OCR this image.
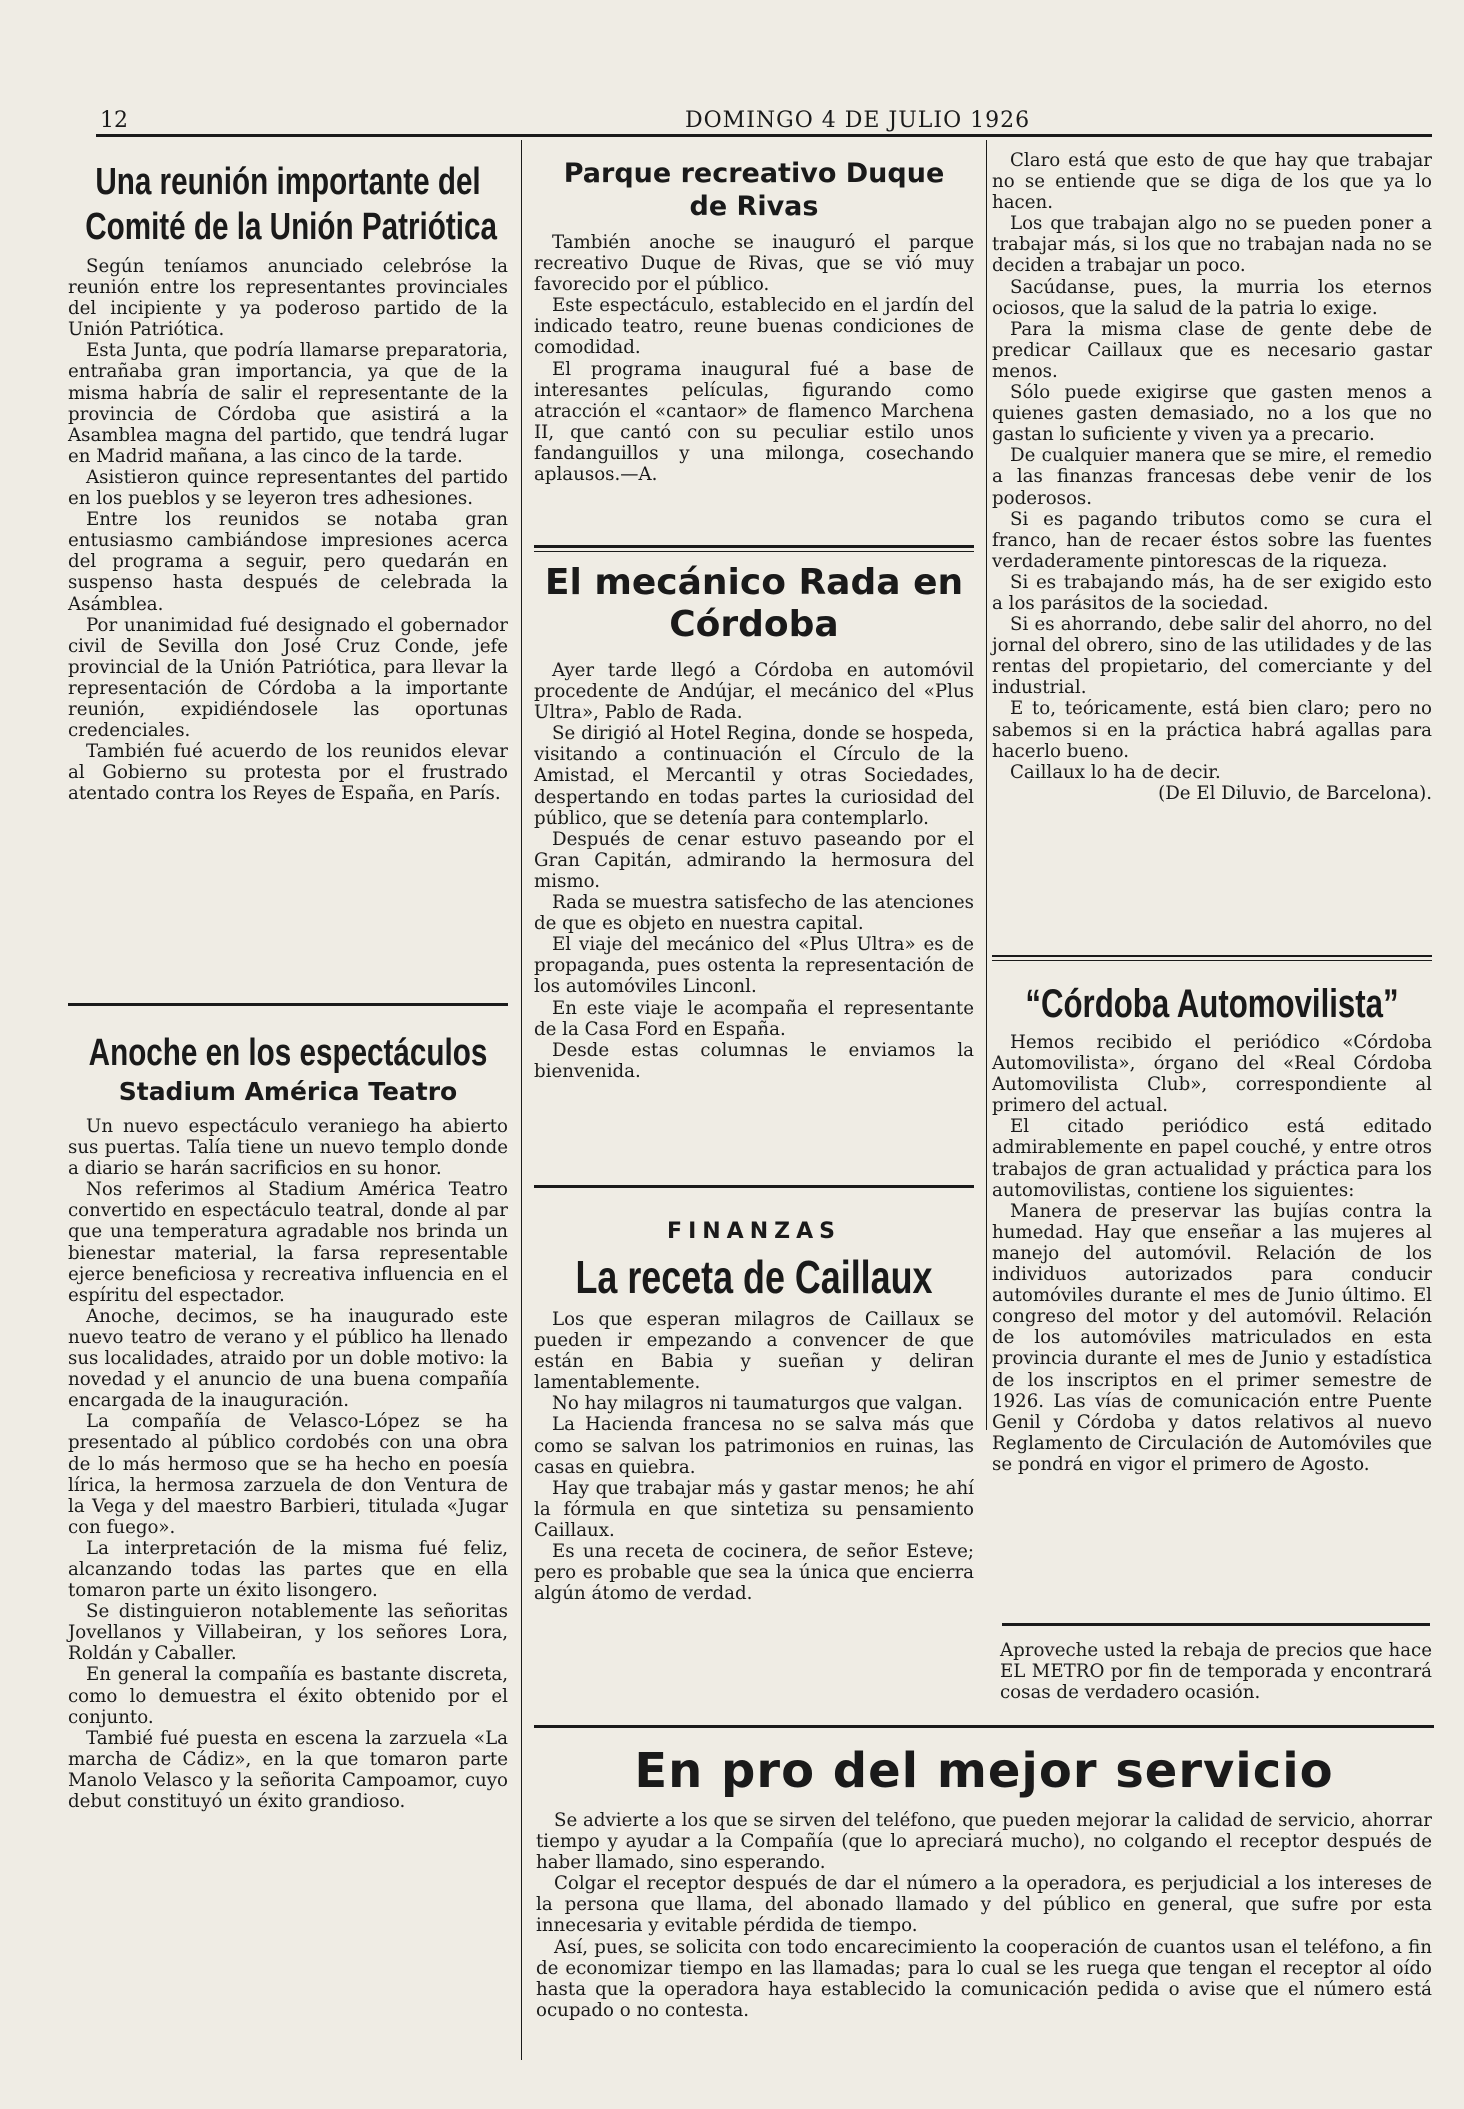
12	DOMINGO 4 DE JULIO 1926
Una reunión importante del
Comité de la Unión Patriótica

Según teníamos anunciado celebróse la reunión entre los representantes provinciales del incipiente y ya poderoso partido de la Unión Patriótica.

Esta Junta, que podría llamarse preparatoria, entrañaba gran importancia, ya que de la misma habría de salir el representante de la provincia de Córdoba que asistirá a la Asamblea magna del partido, que tendrá lugar en Madrid mañana, a las cinco de la tarde.

Asistieron quince representantes del partido en los pueblos y se leyeron tres adhesiones.

Entre los reunidos se notaba gran entusiasmo cambiándose impresiones acerca del programa a seguir, pero quedarán en suspenso hasta después de celebrada la Asámblea.

Por unanimidad fué designado el gobernador civil de Sevilla don José Cruz Conde, jefe provincial de la Unión Patriótica, para llevar la representación de Córdoba a la importante reunión, expidiéndosele las oportunas credenciales.

También fué acuerdo de los reunidos elevar al Gobierno su protesta por el frustrado atentado contra los Reyes de España, en París.

Anoche en los espectáculos
Stadium América Teatro

Un nuevo espectáculo veraniego ha abierto sus puertas. Talía tiene un nuevo templo donde a diario se harán sacrificios en su honor.

Nos referimos al Stadium América Teatro convertido en espectáculo teatral, donde al par que una temperatura agradable nos brinda un bienestar material, la farsa representable ejerce beneficiosa y recreativa influencia en el espíritu del espectador.

Anoche, decimos, se ha inaugurado este nuevo teatro de verano y el público ha llenado sus localidades, atraido por un doble motivo: la novedad y el anuncio de una buena compañía encargada de la inauguración.

La compañía de Velasco-López se ha presentado al público cordobés con una obra de lo más hermoso que se ha hecho en poesía lírica, la hermosa zarzuela de don Ventura de la Vega y del maestro Barbieri, titulada «Jugar con fuego».

La interpretación de la misma fué feliz, alcanzando todas las partes que en ella tomaron parte un éxito lisongero.

Se distinguieron notablemente las señoritas Jovellanos y Villabeiran, y los señores Lora, Roldán y Caballer.

En general la compañía es bastante discreta, como lo demuestra el éxito obtenido por el conjunto.

Tambié fué puesta en escena la zarzuela «La marcha de Cádiz», en la que tomaron parte Manolo Velasco y la señorita Campoamor, cuyo debut constituyó un éxito grandioso.

Parque recreativo Duque
de Rivas

También anoche se inauguró el parque recreativo Duque de Rivas, que se vió muy favorecido por el público.

Este espectáculo, establecido en el jardín del indicado teatro, reune buenas condiciones de comodidad.

El programa inaugural fué a base de interesantes películas, figurando como atracción el «cantaor» de flamenco Marchena II, que cantó con su peculiar estilo unos fandanguillos y una milonga, cosechando aplausos.—A.

El mecánico Rada en
Córdoba

Ayer tarde llegó a Córdoba en automóvil procedente de Andújar, el mecánico del «Plus Ultra», Pablo de Rada.

Se dirigió al Hotel Regina, donde se hospeda, visitando a continuación el Círculo de la Amistad, el Mercantil y otras Sociedades, despertando en todas partes la curiosidad del público, que se detenía para contemplarlo.

Después de cenar estuvo paseando por el Gran Capitán, admirando la hermosura del mismo.

Rada se muestra satisfecho de las atenciones de que es objeto en nuestra capital.

El viaje del mecánico del «Plus Ultra» es de propaganda, pues ostenta la representación de los automóviles Linconl.

En este viaje le acompaña el representante de la Casa Ford en España.

Desde estas columnas le enviamos la bienvenida.

FINANZAS
La receta de Caillaux

Los que esperan milagros de Caillaux se pueden ir empezando a convencer de que están en Babia y sueñan y deliran lamentablemente.

No hay milagros ni taumaturgos que valgan.

La Hacienda francesa no se salva más que como se salvan los patrimonios en ruinas, las casas en quiebra.

Hay que trabajar más y gastar menos; he ahí la fórmula en que sintetiza su pensamiento Caillaux.

Es una receta de cocinera, de señor Esteve; pero es probable que sea la única que encierra algún átomo de verdad.

Claro está que esto de que hay que trabajar no se entiende que se diga de los que ya lo hacen.

Los que trabajan algo no se pueden poner a trabajar más, si los que no trabajan nada no se deciden a trabajar un poco.

Sacúdanse, pues, la murria los eternos ociosos, que la salud de la patria lo exige.

Para la misma clase de gente debe de predicar Caillaux que es necesario gastar menos.

Sólo puede exigirse que gasten menos a quienes gasten demasiado, no a los que no gastan lo suficiente y viven ya a precario.

De cualquier manera que se mire, el remedio a las finanzas francesas debe venir de los poderosos.

Si es pagando tributos como se cura el franco, han de recaer éstos sobre las fuentes verdaderamente pintorescas de la riqueza.

Si es trabajando más, ha de ser exigido esto a los parásitos de la sociedad.

Si es ahorrando, debe salir del ahorro, no del jornal del obrero, sino de las utilidades y de las rentas del propietario, del comerciante y del industrial.

E to, teóricamente, está bien claro; pero no sabemos si en la práctica habrá agallas para hacerlo bueno.

Caillaux lo ha de decir.

(De El Diluvio, de Barcelona).

“Córdoba Automovilista”

Hemos recibido el periódico «Córdoba Automovilista», órgano del «Real Córdoba Automovilista Club», correspondiente al primero del actual.

El citado periódico está editado admirablemente en papel couché, y entre otros trabajos de gran actualidad y práctica para los automovilistas, contiene los siguientes:

Manera de preservar las bujías contra la humedad. Hay que enseñar a las mujeres al manejo del automóvil. Relación de los individuos autorizados para conducir automóviles durante el mes de Junio último. El congreso del motor y del automóvil. Relación de los automóviles matriculados en esta provincia durante el mes de Junio y estadística de los inscriptos en el primer semestre de 1926. Las vías de comunicación entre Puente Genil y Córdoba y datos relativos al nuevo Reglamento de Circulación de Automóviles que se pondrá en vigor el primero de Agosto.

Aproveche usted la rebaja de precios que hace EL METRO por fin de temporada y encontrará cosas de verdadero ocasión.

En pro del mejor servicio

Se advierte a los que se sirven del teléfono, que pueden mejorar la calidad de servicio, ahorrar tiempo y ayudar a la Compañía (que lo apreciará mucho), no colgando el receptor después de haber llamado, sino esperando.

Colgar el receptor después de dar el número a la operadora, es perjudicial a los intereses de la persona que llama, del abonado llamado y del público en general, que sufre por esta innecesaria y evitable pérdida de tiempo.

Así, pues, se solicita con todo encarecimiento la cooperación de cuantos usan el teléfono, a fin de economizar tiempo en las llamadas; para lo cual se les ruega que tengan el receptor al oído hasta que la operadora haya establecido la comunicación pedida o avise que el número está ocupado o no contesta.
